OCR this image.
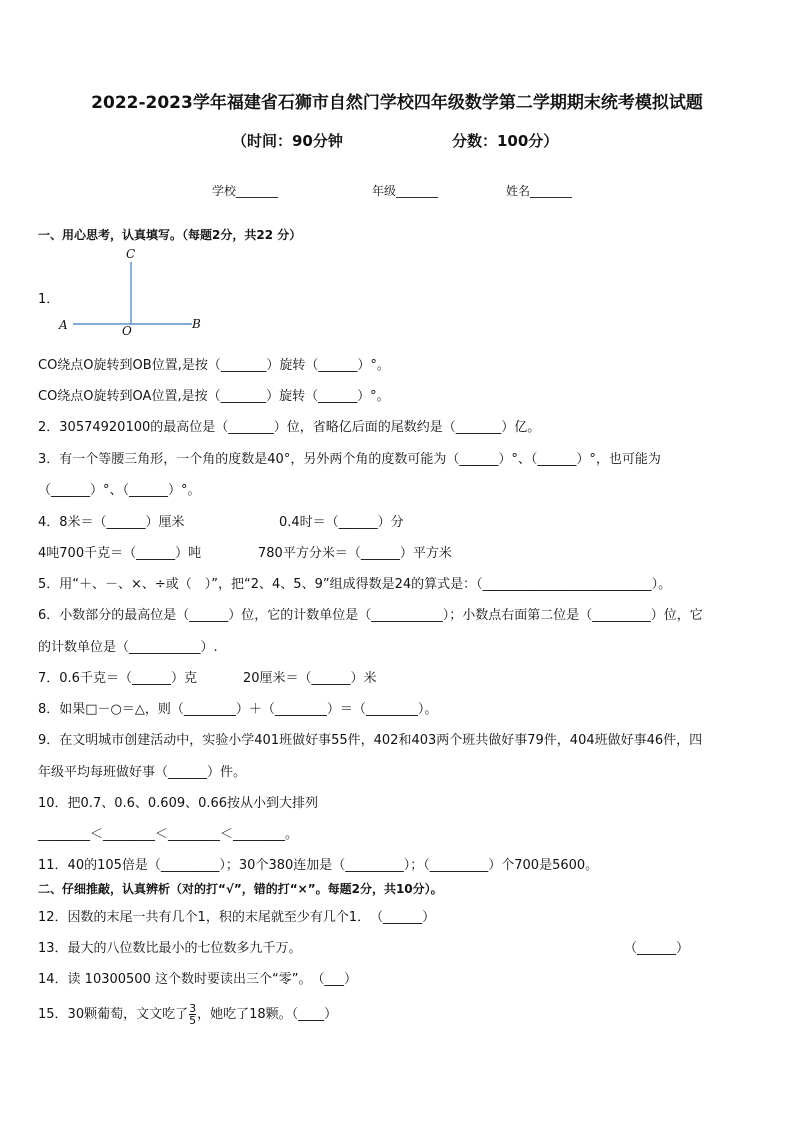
2022-2023学年福建省石狮市自然门学校四年级数学第二学期期末统考模拟试题
（时间：90分钟	分数：100分）
学校_______	年级_______	姓名_______
一、用心思考，认真填写。（每题2分，共22 分）
1．
C
A	O	B
CO绕点O旋转到OB位置,是按（_______）旋转（______）°。
CO绕点O旋转到OA位置,是按（_______）旋转（______）°。
2．30574920100的最高位是（_______）位，省略亿后面的尾数约是（_______）亿。
3．有一个等腰三角形，一个角的度数是40°，另外两个角的度数可能为（______）°、（______）°，也可能为
（______）°、（______）°。
4．8米＝（______）厘米	0.4时＝（______）分
4吨700千克＝（______）吨	780平方分米＝（______）平方米
5．用“＋、－、×、÷或（　）”，把“2、4、5、9”组成得数是24的算式是：（__________________________）。
6．小数部分的最高位是（______）位，它的计数单位是（___________）；小数点右面第二位是（_________）位，它
的计数单位是（___________）.
7．0.6千克＝（______）克	20厘米＝（______）米
8．如果□－○＝△，则（________）＋（________）＝（________）。
9．在文明城市创建活动中，实验小学401班做好事55件，402和403两个班共做好事79件，404班做好事46件，四
年级平均每班做好事（______）件。
10．把0.7、0.6、0.609、0.66按从小到大排列
________＜________＜________＜________。
11．40的105倍是（_________）；30个380连加是（_________）；（_________）个700是5600。
二、仔细推敲，认真辨析（对的打“√”，错的打“×”。每题2分，共10分）。
12．因数的末尾一共有几个1，积的末尾就至少有几个1．　（______）
13．最大的八位数比最小的七位数多九千万。	（______）
14．读 10300500 这个数时要读出三个“零”。　（___）
15．30颗葡萄，文文吃了 $\frac{3}{5}$ ，她吃了18颗。（____）
